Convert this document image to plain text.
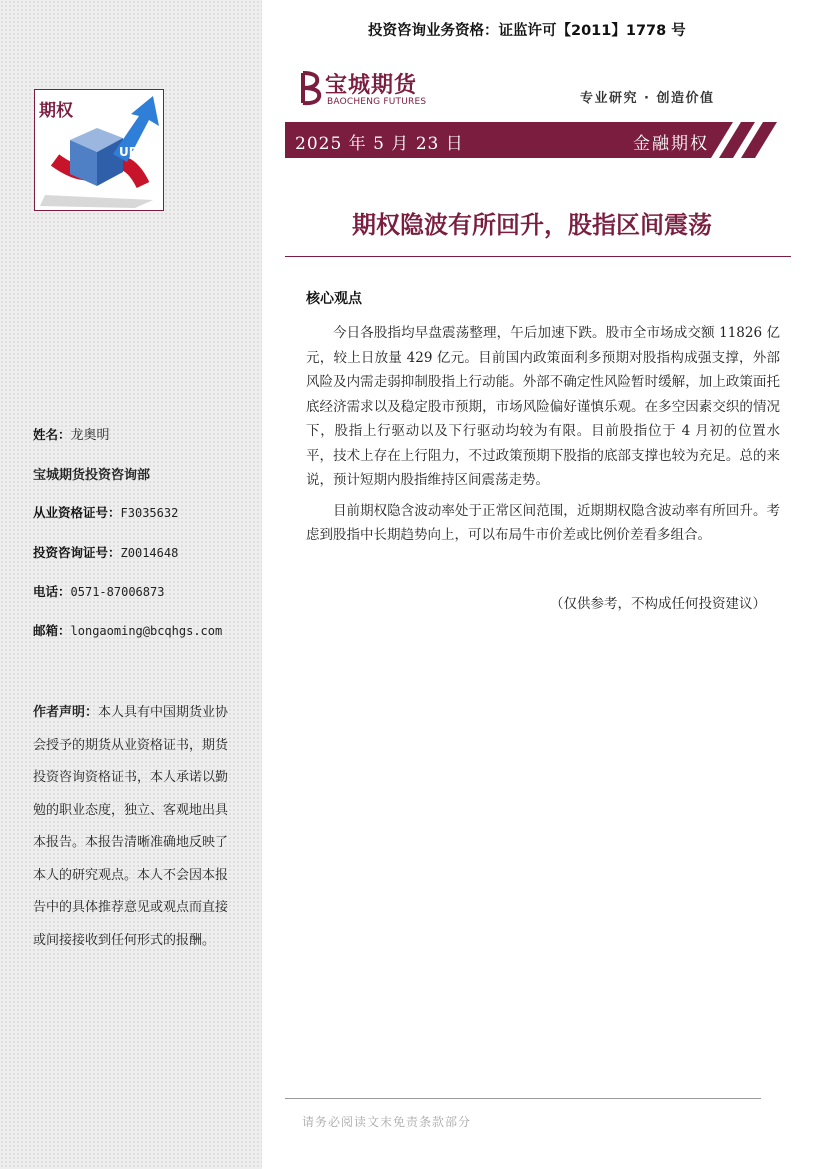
UP
期权
姓名：龙奥明
宝城期货投资咨询部
从业资格证号：F3035632
投资咨询证号：Z0014648
电话：0571-87006873
邮箱：longaoming@bcqhgs.com
作者声明：本人具有中国期货业协会授予的期货从业资格证书，期货投资咨询资格证书，本人承诺以勤勉的职业态度，独立、客观地出具本报告。本报告清晰准确地反映了本人的研究观点。本人不会因本报告中的具体推荐意见或观点而直接或间接接收到任何形式的报酬。
投资咨询业务资格：证监许可【2011】1778 号
宝城期货
BAOCHENG FUTURES	专业研究 · 创造价值
2025 年 5 月 23 日	金融期权
期权隐波有所回升，股指区间震荡
核心观点

今日各股指均早盘震荡整理，午后加速下跌。股市全市场成交额 11826 亿元，较上日放量 429 亿元。目前国内政策面利多预期对股指构成强支撑，外部风险及内需走弱抑制股指上行动能。外部不确定性风险暂时缓解，加上政策面托底经济需求以及稳定股市预期，市场风险偏好谨慎乐观。在多空因素交织的情况下，股指上行驱动以及下行驱动均较为有限。目前股指位于 4 月初的位置水平，技术上存在上行阻力，不过政策预期下股指的底部支撑也较为充足。总的来说，预计短期内股指维持区间震荡走势。

目前期权隐含波动率处于正常区间范围，近期期权隐含波动率有所回升。考虑到股指中长期趋势向上，可以布局牛市价差或比例价差看多组合。

（仅供参考，不构成任何投资建议）
请务必阅读文末免责条款部分
